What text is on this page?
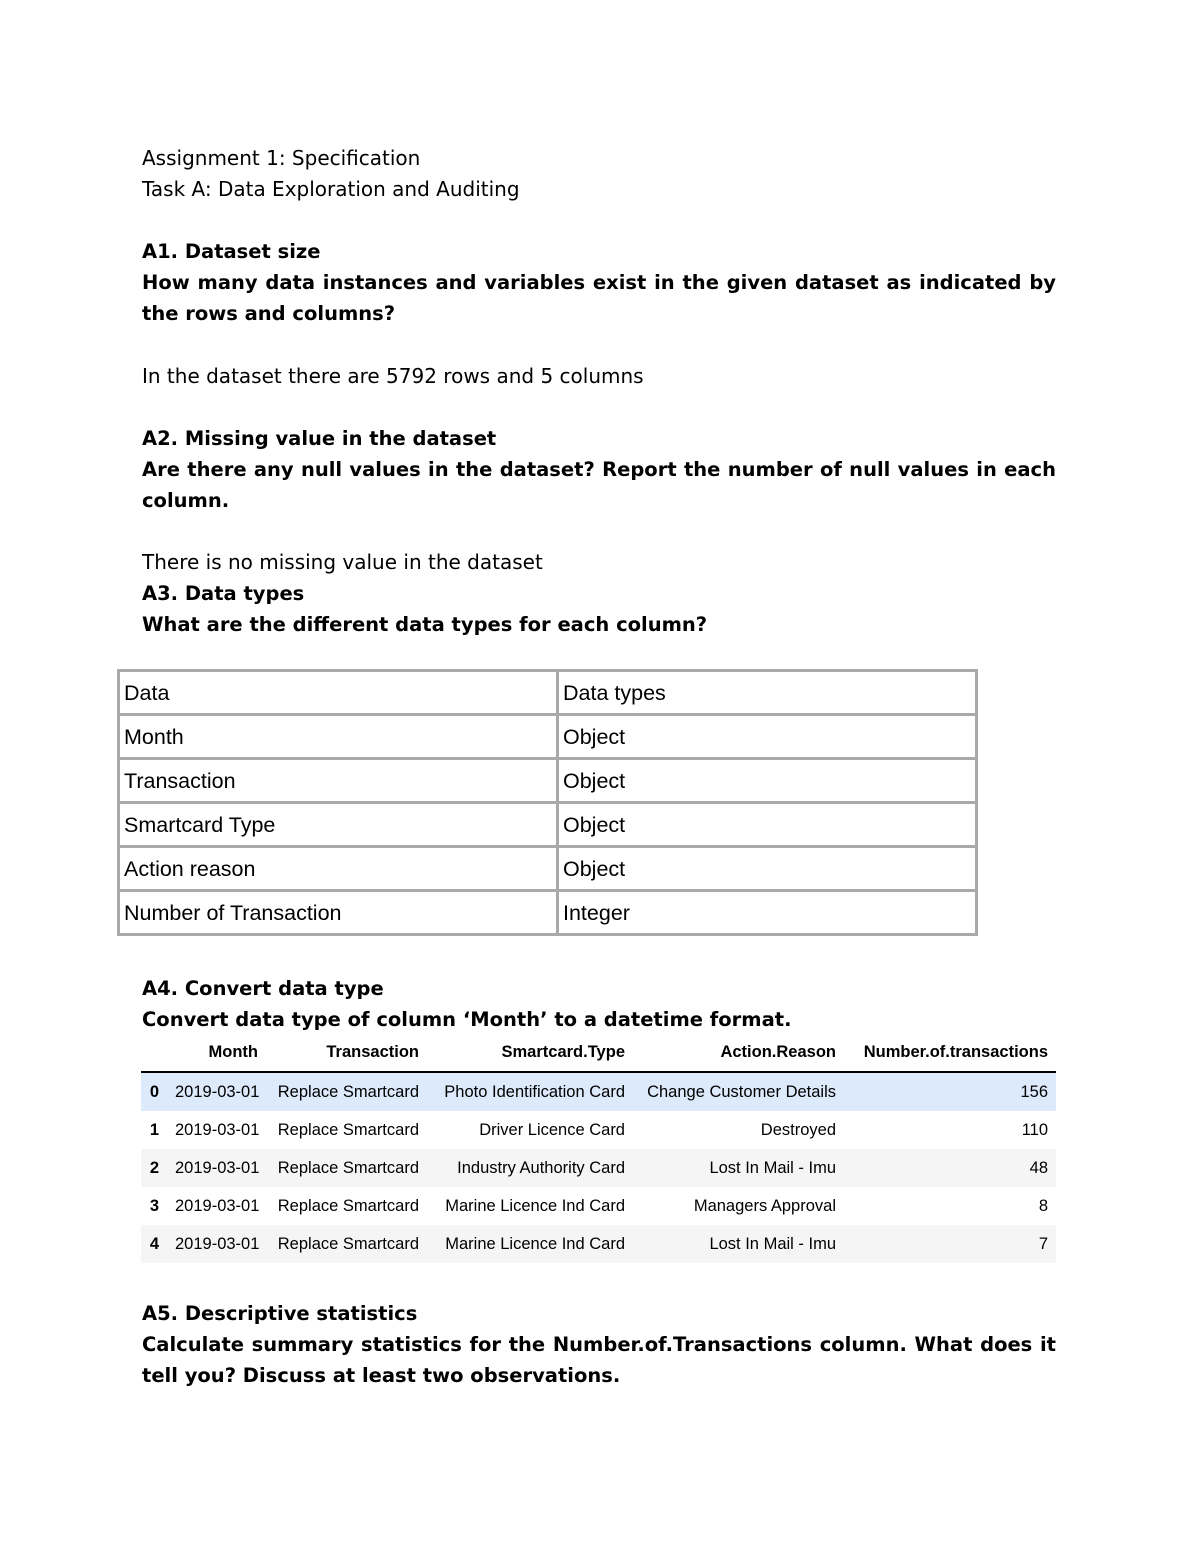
Assignment 1: Specification
Task A: Data Exploration and Auditing
A1. Dataset size
How many data instances and variables exist in the given dataset as indicated by the rows and columns?
In the dataset there are 5792 rows and 5 columns
A2. Missing value in the dataset
Are there any null values in the dataset? Report the number of null values in each column.
There is no missing value in the dataset
A3. Data types
What are the different data types for each column?
Data	Data types
Month	Object
Transaction	Object
Smartcard Type	Object
Action reason	Object
Number of Transaction	Integer
A4. Convert data type
Convert data type of column ‘Month’ to a datetime format.
	Month	Transaction	Smartcard.Type	Action.Reason	Number.of.transactions
0	2019-03-01	Replace Smartcard	Photo Identification Card	Change Customer Details	156
1	2019-03-01	Replace Smartcard	Driver Licence Card	Destroyed	110
2	2019-03-01	Replace Smartcard	Industry Authority Card	Lost In Mail - Imu	48
3	2019-03-01	Replace Smartcard	Marine Licence Ind Card	Managers Approval	8
4	2019-03-01	Replace Smartcard	Marine Licence Ind Card	Lost In Mail - Imu	7
A5. Descriptive statistics
Calculate summary statistics for the Number.of.Transactions column. What does it tell you? Discuss at least two observations.
